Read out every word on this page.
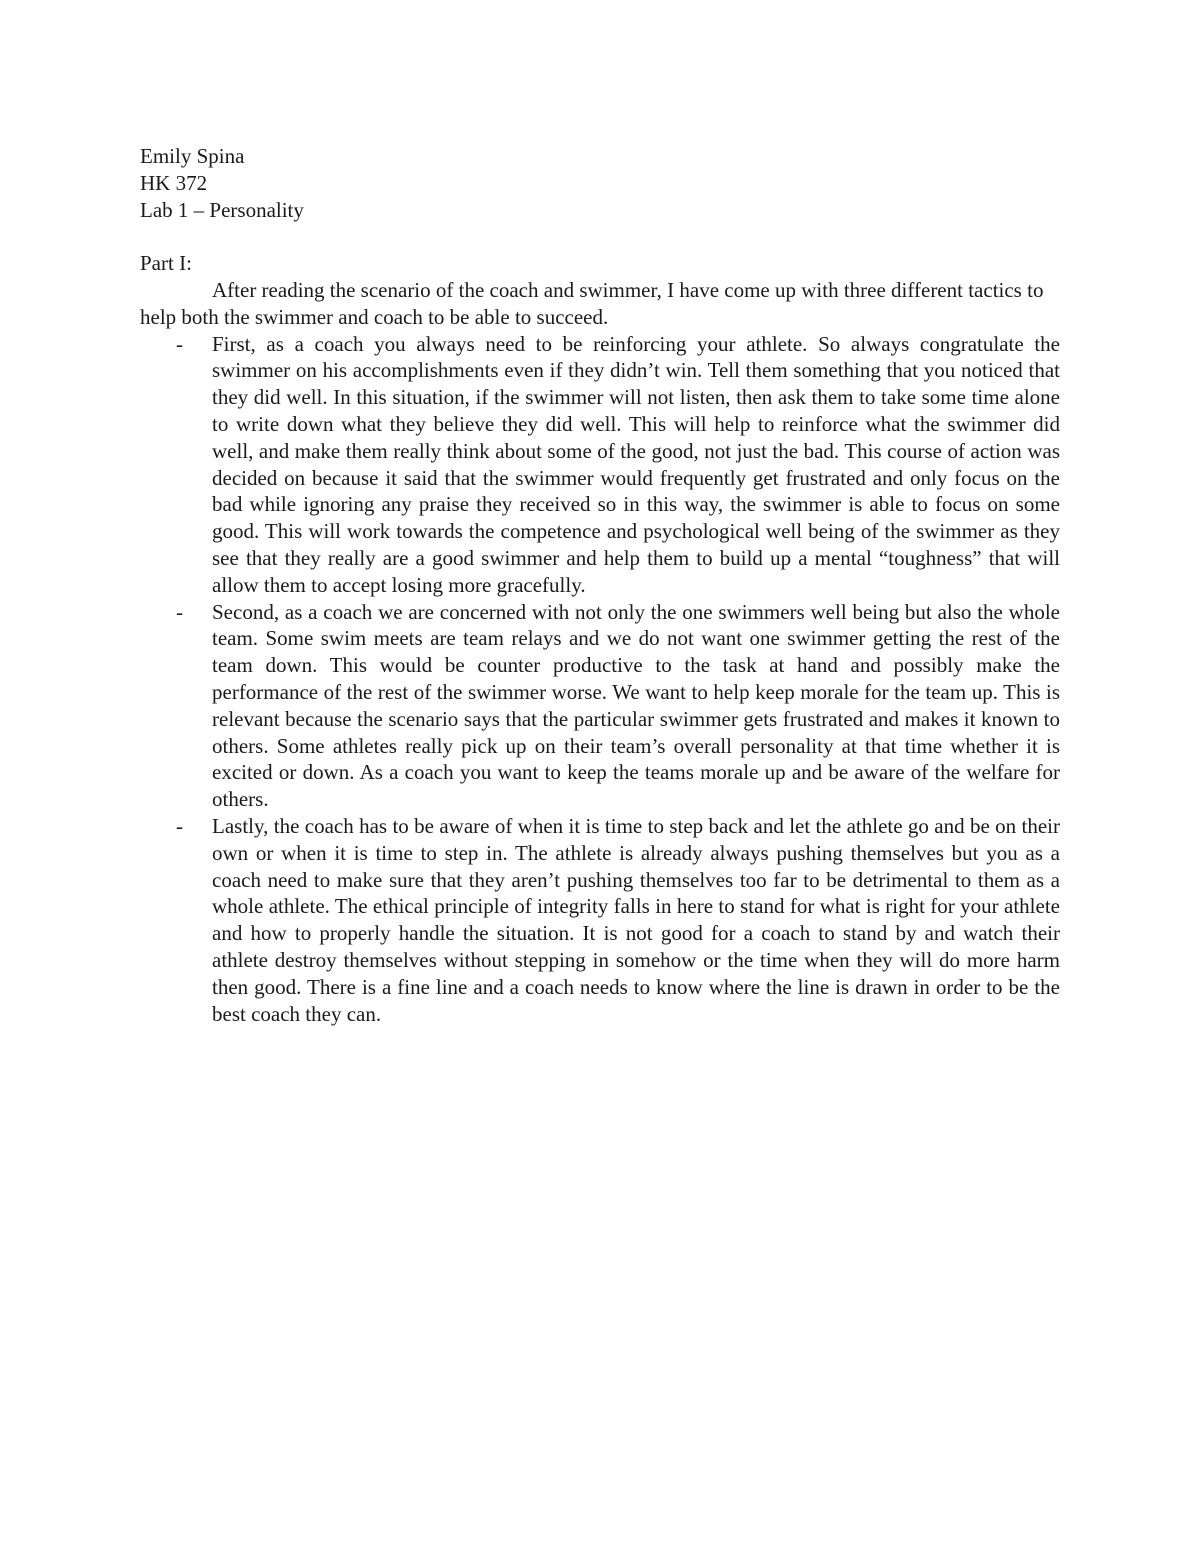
Emily Spina

HK 372

Lab 1 – Personality

Part I:

After reading the scenario of the coach and swimmer, I have come up with three different tactics to help both the swimmer and coach to be able to succeed.

- First, as a coach you always need to be reinforcing your athlete. So always congratulate the swimmer on his accomplishments even if they didn’t win. Tell them something that you noticed that they did well. In this situation, if the swimmer will not listen, then ask them to take some time alone to write down what they believe they did well. This will help to reinforce what the swimmer did well, and make them really think about some of the good, not just the bad. This course of action was decided on because it said that the swimmer would frequently get frustrated and only focus on the bad while ignoring any praise they received so in this way, the swimmer is able to focus on some good. This will work towards the competence and psychological well being of the swimmer as they see that they really are a good swimmer and help them to build up a mental “toughness” that will allow them to accept losing more gracefully.
- Second, as a coach we are concerned with not only the one swimmers well being but also the whole team. Some swim meets are team relays and we do not want one swimmer getting the rest of the team down. This would be counter productive to the task at hand and possibly make the performance of the rest of the swimmer worse. We want to help keep morale for the team up. This is relevant because the scenario says that the particular swimmer gets frustrated and makes it known to others. Some athletes really pick up on their team’s overall personality at that time whether it is excited or down. As a coach you want to keep the teams morale up and be aware of the welfare for others.
- Lastly, the coach has to be aware of when it is time to step back and let the athlete go and be on their own or when it is time to step in. The athlete is already always pushing themselves but you as a coach need to make sure that they aren’t pushing themselves too far to be detrimental to them as a whole athlete. The ethical principle of integrity falls in here to stand for what is right for your athlete and how to properly handle the situation. It is not good for a coach to stand by and watch their athlete destroy themselves without stepping in somehow or the time when they will do more harm then good. There is a fine line and a coach needs to know where the line is drawn in order to be the best coach they can.
